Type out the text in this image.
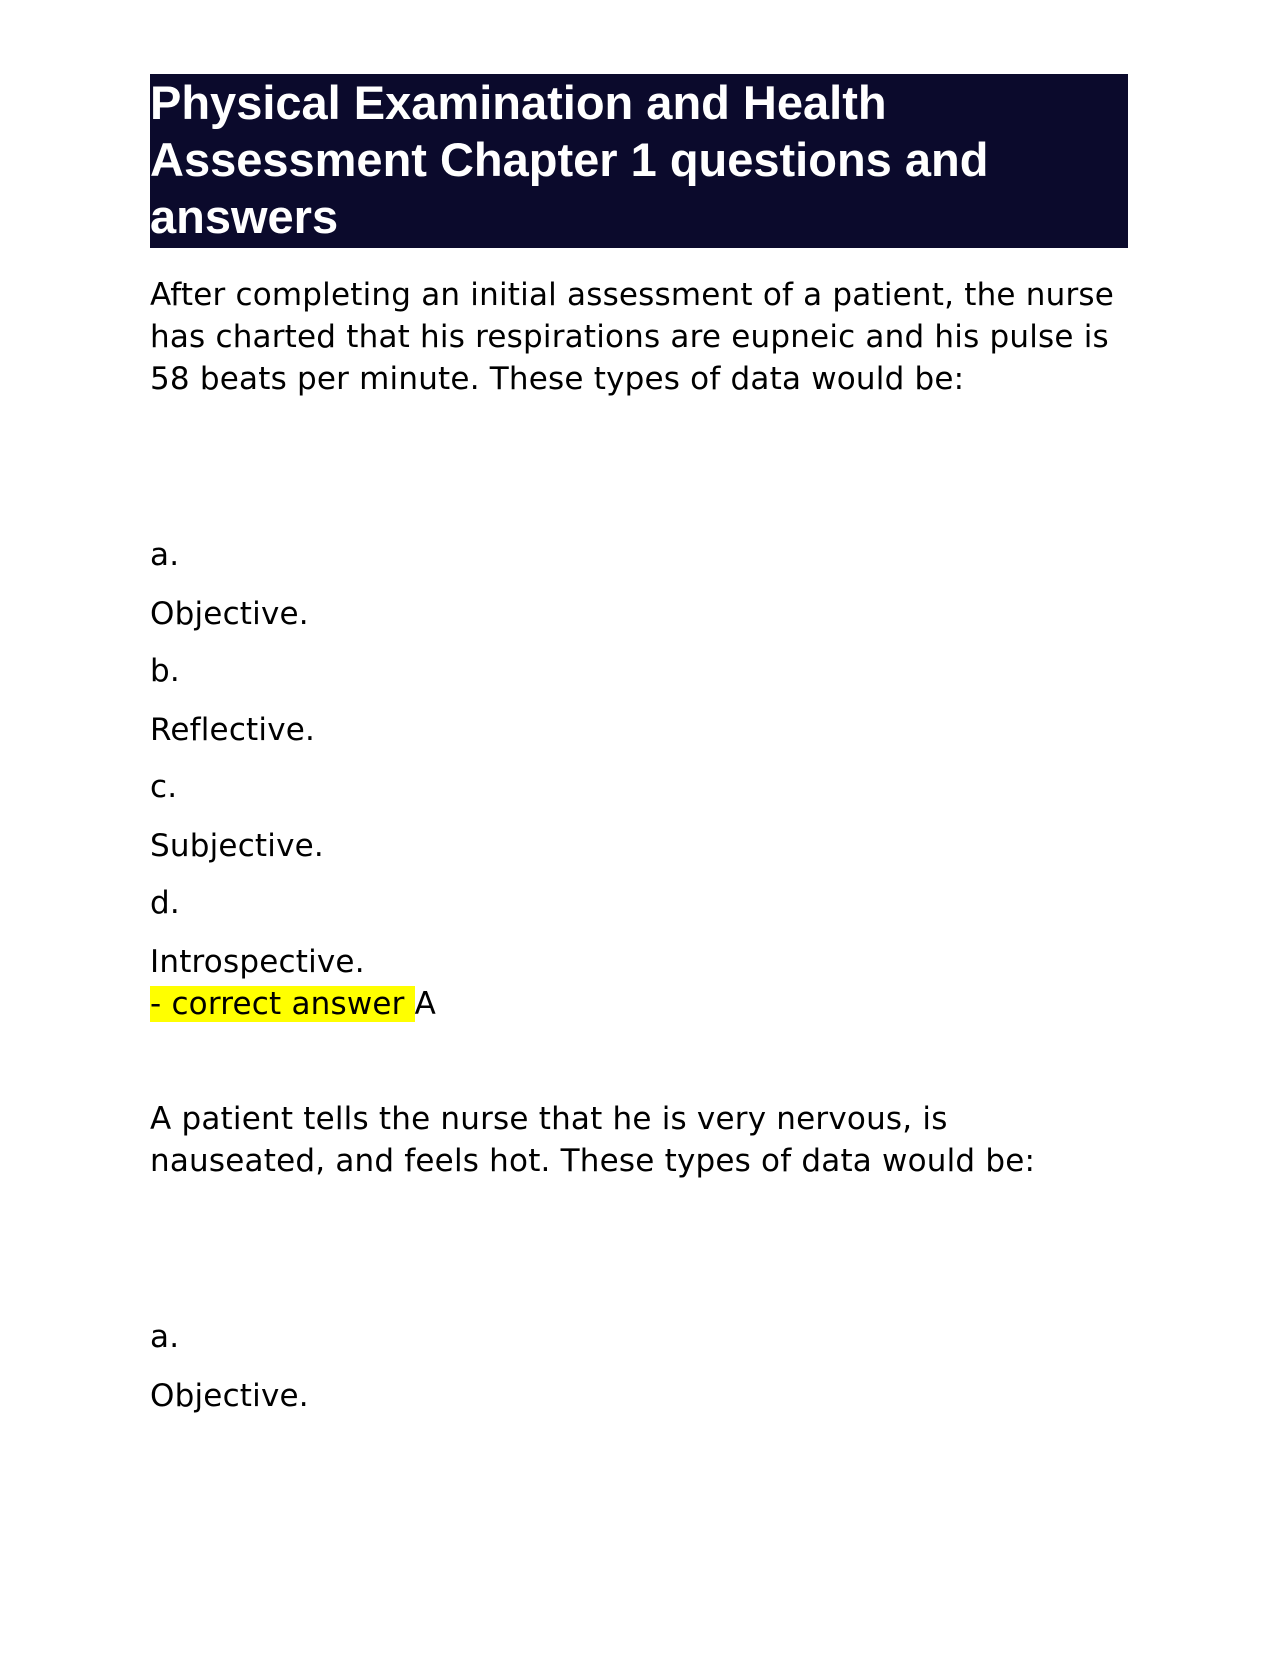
Physical Examination and Health Assessment Chapter 1 questions and answers

After completing an initial assessment of a patient, the nurse has charted that his respirations are eupneic and his pulse is 58 beats per minute. These types of data would be:

a.

Objective.

b.

Reflective.

c.

Subjective.

d.

Introspective.

- correct answer A

A patient tells the nurse that he is very nervous, is nauseated, and feels hot. These types of data would be:

a.

Objective.
